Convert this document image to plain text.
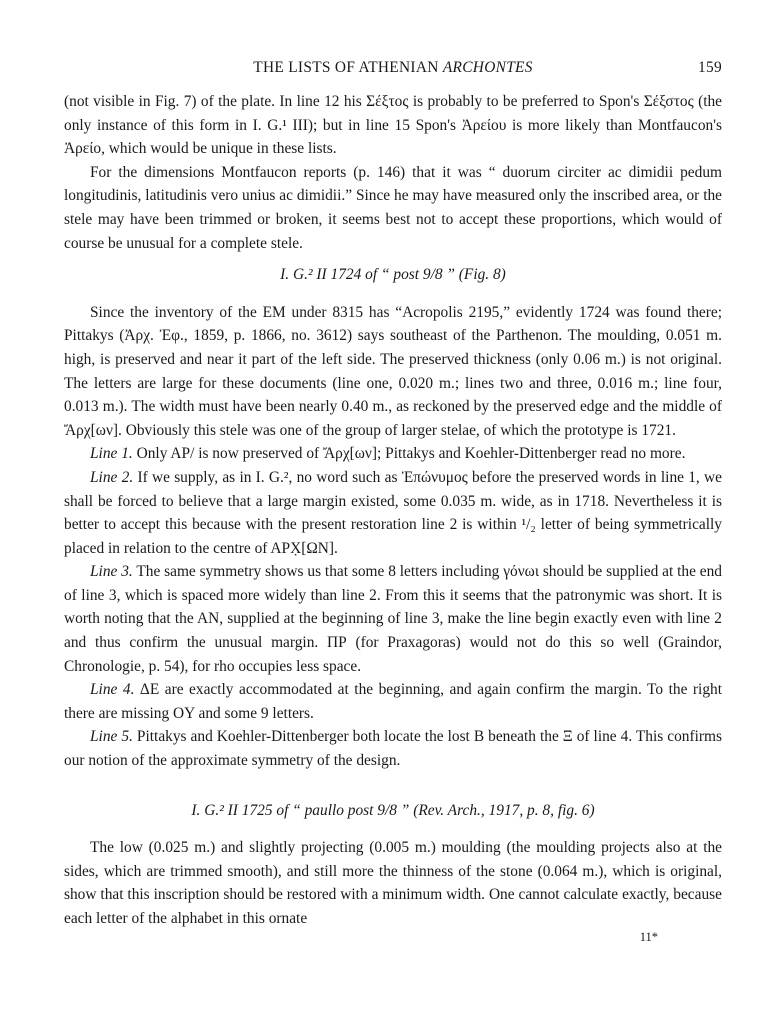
THE LISTS OF ATHENIAN ARCHONTES	159

(not visible in Fig. 7) of the plate. In line 12 his Σέξτος is probably to be preferred to Spon's Σέξστος (the only instance of this form in I. G.¹ III); but in line 15 Spon's Ἀρείου is more likely than Montfaucon's Ἀρείο, which would be unique in these lists.

For the dimensions Montfaucon reports (p. 146) that it was “ duorum circiter ac dimidii pedum longitudinis, latitudinis vero unius ac dimidii.” Since he may have measured only the inscribed area, or the stele may have been trimmed or broken, it seems best not to accept these proportions, which would of course be unusual for a complete stele.

I. G.² II 1724 of “ post 9/8 ” (Fig. 8)

Since the inventory of the EM under 8315 has “Acropolis 2195,” evidently 1724 was found there; Pittakys (Ἀρχ. Ἐφ., 1859, p. 1866, no. 3612) says southeast of the Parthenon. The moulding, 0.051 m. high, is preserved and near it part of the left side. The preserved thickness (only 0.06 m.) is not original. The letters are large for these documents (line one, 0.020 m.; lines two and three, 0.016 m.; line four, 0.013 m.). The width must have been nearly 0.40 m., as reckoned by the preserved edge and the middle of Ἄρχ[ων]. Obviously this stele was one of the group of larger stelae, of which the prototype is 1721.

Line 1. Only AP/ is now preserved of Ἄρχ[ων]; Pittakys and Koehler-Dittenberger read no more.

Line 2. If we supply, as in I. G.², no word such as Ἐπώνυμος before the preserved words in line 1, we shall be forced to believe that a large margin existed, some 0.035 m. wide, as in 1718. Nevertheless it is better to accept this because with the present restoration line 2 is within ¹/₂ letter of being symmetrically placed in relation to the centre of APX̣[ΩN].

Line 3. The same symmetry shows us that some 8 letters including γόνωι should be supplied at the end of line 3, which is spaced more widely than line 2. From this it seems that the patronymic was short. It is worth noting that the AN, supplied at the beginning of line 3, make the line begin exactly even with line 2 and thus confirm the unusual margin. ΠΡ (for Praxagoras) would not do this so well (Graindor, Chronologie, p. 54), for rho occupies less space.

Line 4. ΔE are exactly accommodated at the beginning, and again confirm the margin. To the right there are missing OY and some 9 letters.

Line 5. Pittakys and Koehler-Dittenberger both locate the lost B beneath the Ξ of line 4. This confirms our notion of the approximate symmetry of the design.

I. G.² II 1725 of “ paullo post 9/8 ” (Rev. Arch., 1917, p. 8, fig. 6)

The low (0.025 m.) and slightly projecting (0.005 m.) moulding (the moulding projects also at the sides, which are trimmed smooth), and still more the thinness of the stone (0.064 m.), which is original, show that this inscription should be restored with a minimum width. One cannot calculate exactly, because each letter of the alphabet in this ornate

11*
